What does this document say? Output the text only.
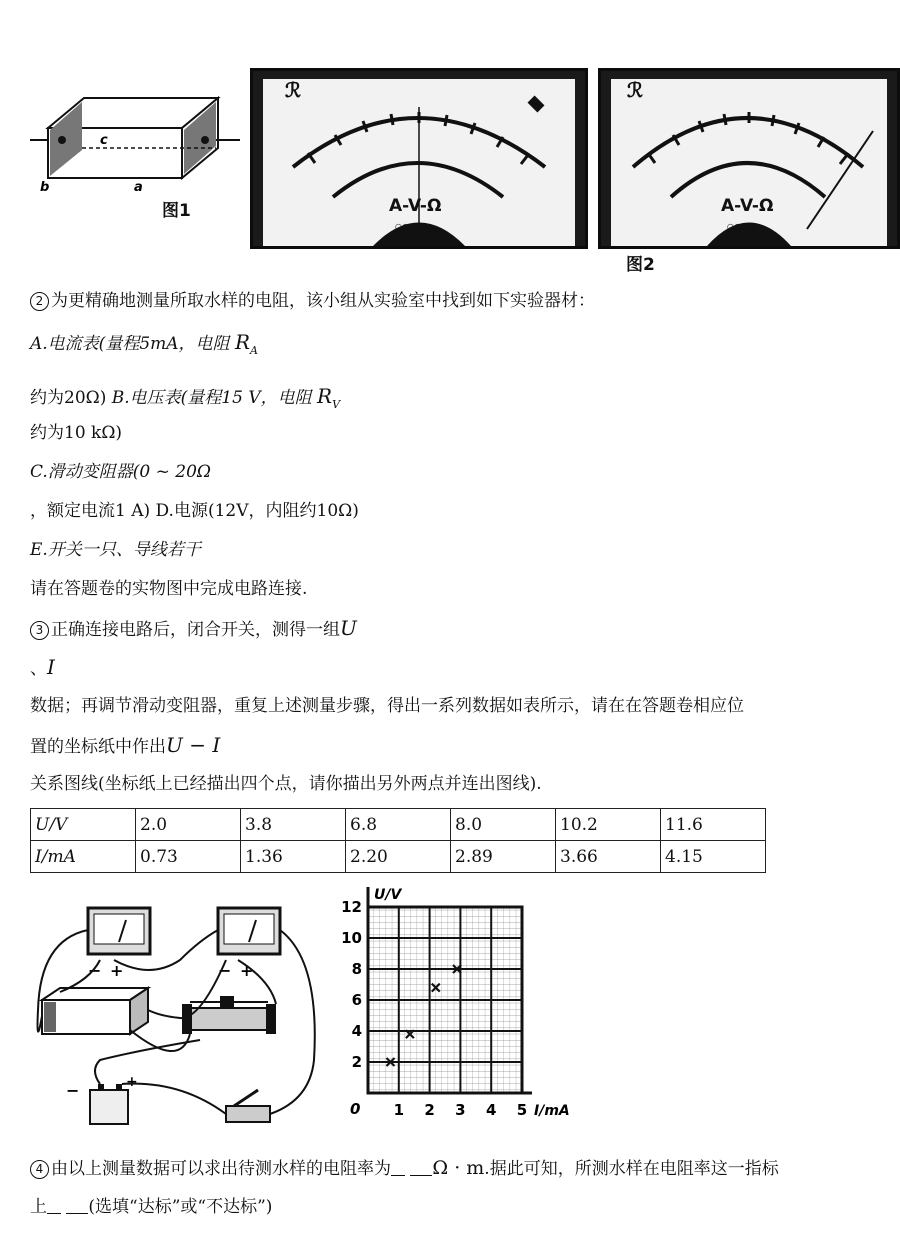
c
b	a
图1
ℛ
A-V-Ω
○○○○
ℛ
A-V-Ω
○○○○
图2
2 为更精确地测量所取水样的电阻，该小组从实验室中找到如下实验器材：
A.电流表(量程5mA，电阻 $R_A$
约为20Ω) B.电压表(量程15 V，电阻 $R_V$
约为10 kΩ)
C.滑动变阻器(0 ~ 20Ω
，额定电流1 A) D.电源(12V，内阻约10Ω)
E.开关一只、导线若干
请在答题卷的实物图中完成电路连接.
3 正确连接电路后，闭合开关，测得一组U
、I
数据；再调节滑动变阻器，重复上述测量步骤，得出一系列数据如表所示，请在在答题卷相应位
置的坐标纸中作出U − I
关系图线(坐标纸上已经描出四个点，请你描出另外两点并连出图线).
U/V	2.0	3.8	6.8	8.0	10.2	11.6
I/mA	0.73	1.36	2.20	2.89	3.66	4.15
− +	− +
−	+
U/V
I/mA
0
2
4
6
8
10
12
1 2 3 4 5
4 由以上测量数据可以求出待测水样的电阻率为 Ω · m.据此可知，所测水样在电阻率这一指标
上 (选填“达标”或“不达标”)
